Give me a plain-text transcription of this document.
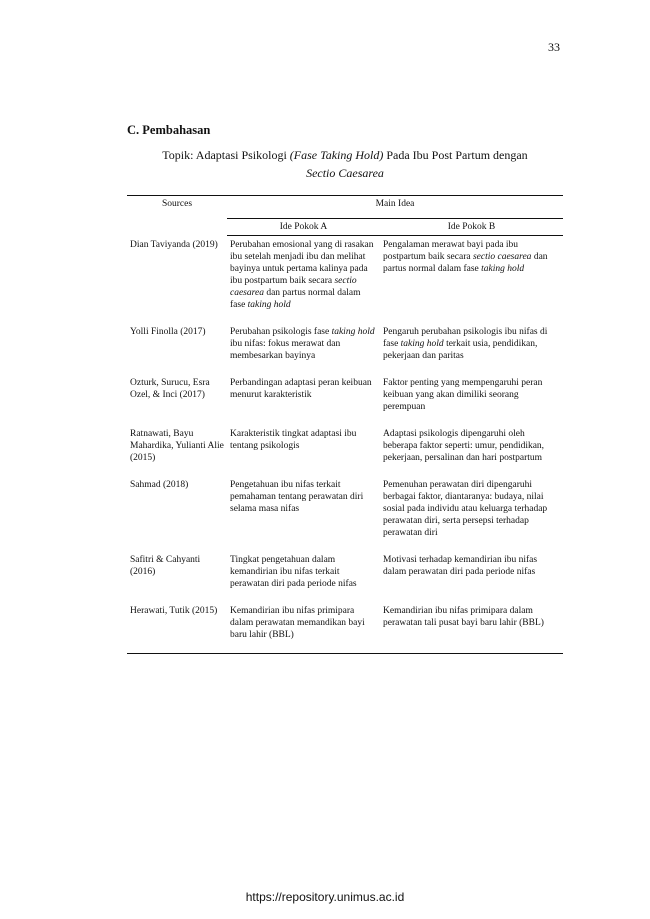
33
C. Pembahasan
Topik: Adaptasi Psikologi (Fase Taking Hold) Pada Ibu Post Partum dengan
Sectio Caesarea
Sources	Main Idea	
	Ide Pokok A	Ide Pokok B
Dian Taviyanda (2019)	Perubahan emosional yang di rasakan ibu setelah menjadi ibu dan melihat bayinya untuk pertama kalinya pada ibu postpartum baik secara sectio caesarea dan partus normal dalam fase taking hold	Pengalaman merawat bayi pada ibu postpartum baik secara sectio caesarea dan partus normal dalam fase taking hold
Yolli Finolla (2017)	Perubahan psikologis fase taking hold ibu nifas: fokus merawat dan membesarkan bayinya	Pengaruh perubahan psikologis ibu nifas di fase taking hold terkait usia, pendidikan, pekerjaan dan paritas
Ozturk, Surucu, Esra Ozel, & Inci (2017)	Perbandingan adaptasi peran keibuan menurut karakteristik	Faktor penting yang mempengaruhi peran keibuan yang akan dimiliki seorang perempuan
Ratnawati, Bayu Mahardika, Yulianti Alie (2015)	Karakteristik tingkat adaptasi ibu tentang psikologis	Adaptasi psikologis dipengaruhi oleh beberapa faktor seperti: umur, pendidikan, pekerjaan, persalinan dan hari postpartum
Sahmad (2018)	Pengetahuan ibu nifas terkait pemahaman tentang perawatan diri selama masa nifas	Pemenuhan perawatan diri dipengaruhi berbagai faktor, diantaranya: budaya, nilai sosial pada individu atau keluarga terhadap perawatan diri, serta persepsi terhadap perawatan diri
Safitri & Cahyanti (2016)	Tingkat pengetahuan dalam kemandirian ibu nifas terkait perawatan diri pada periode nifas	Motivasi terhadap kemandirian ibu nifas dalam perawatan diri pada periode nifas
Herawati, Tutik (2015)	Kemandirian ibu nifas primipara dalam perawatan memandikan bayi baru lahir (BBL)	Kemandirian ibu nifas primipara dalam perawatan tali pusat bayi baru lahir (BBL)
https://repository.unimus.ac.id
